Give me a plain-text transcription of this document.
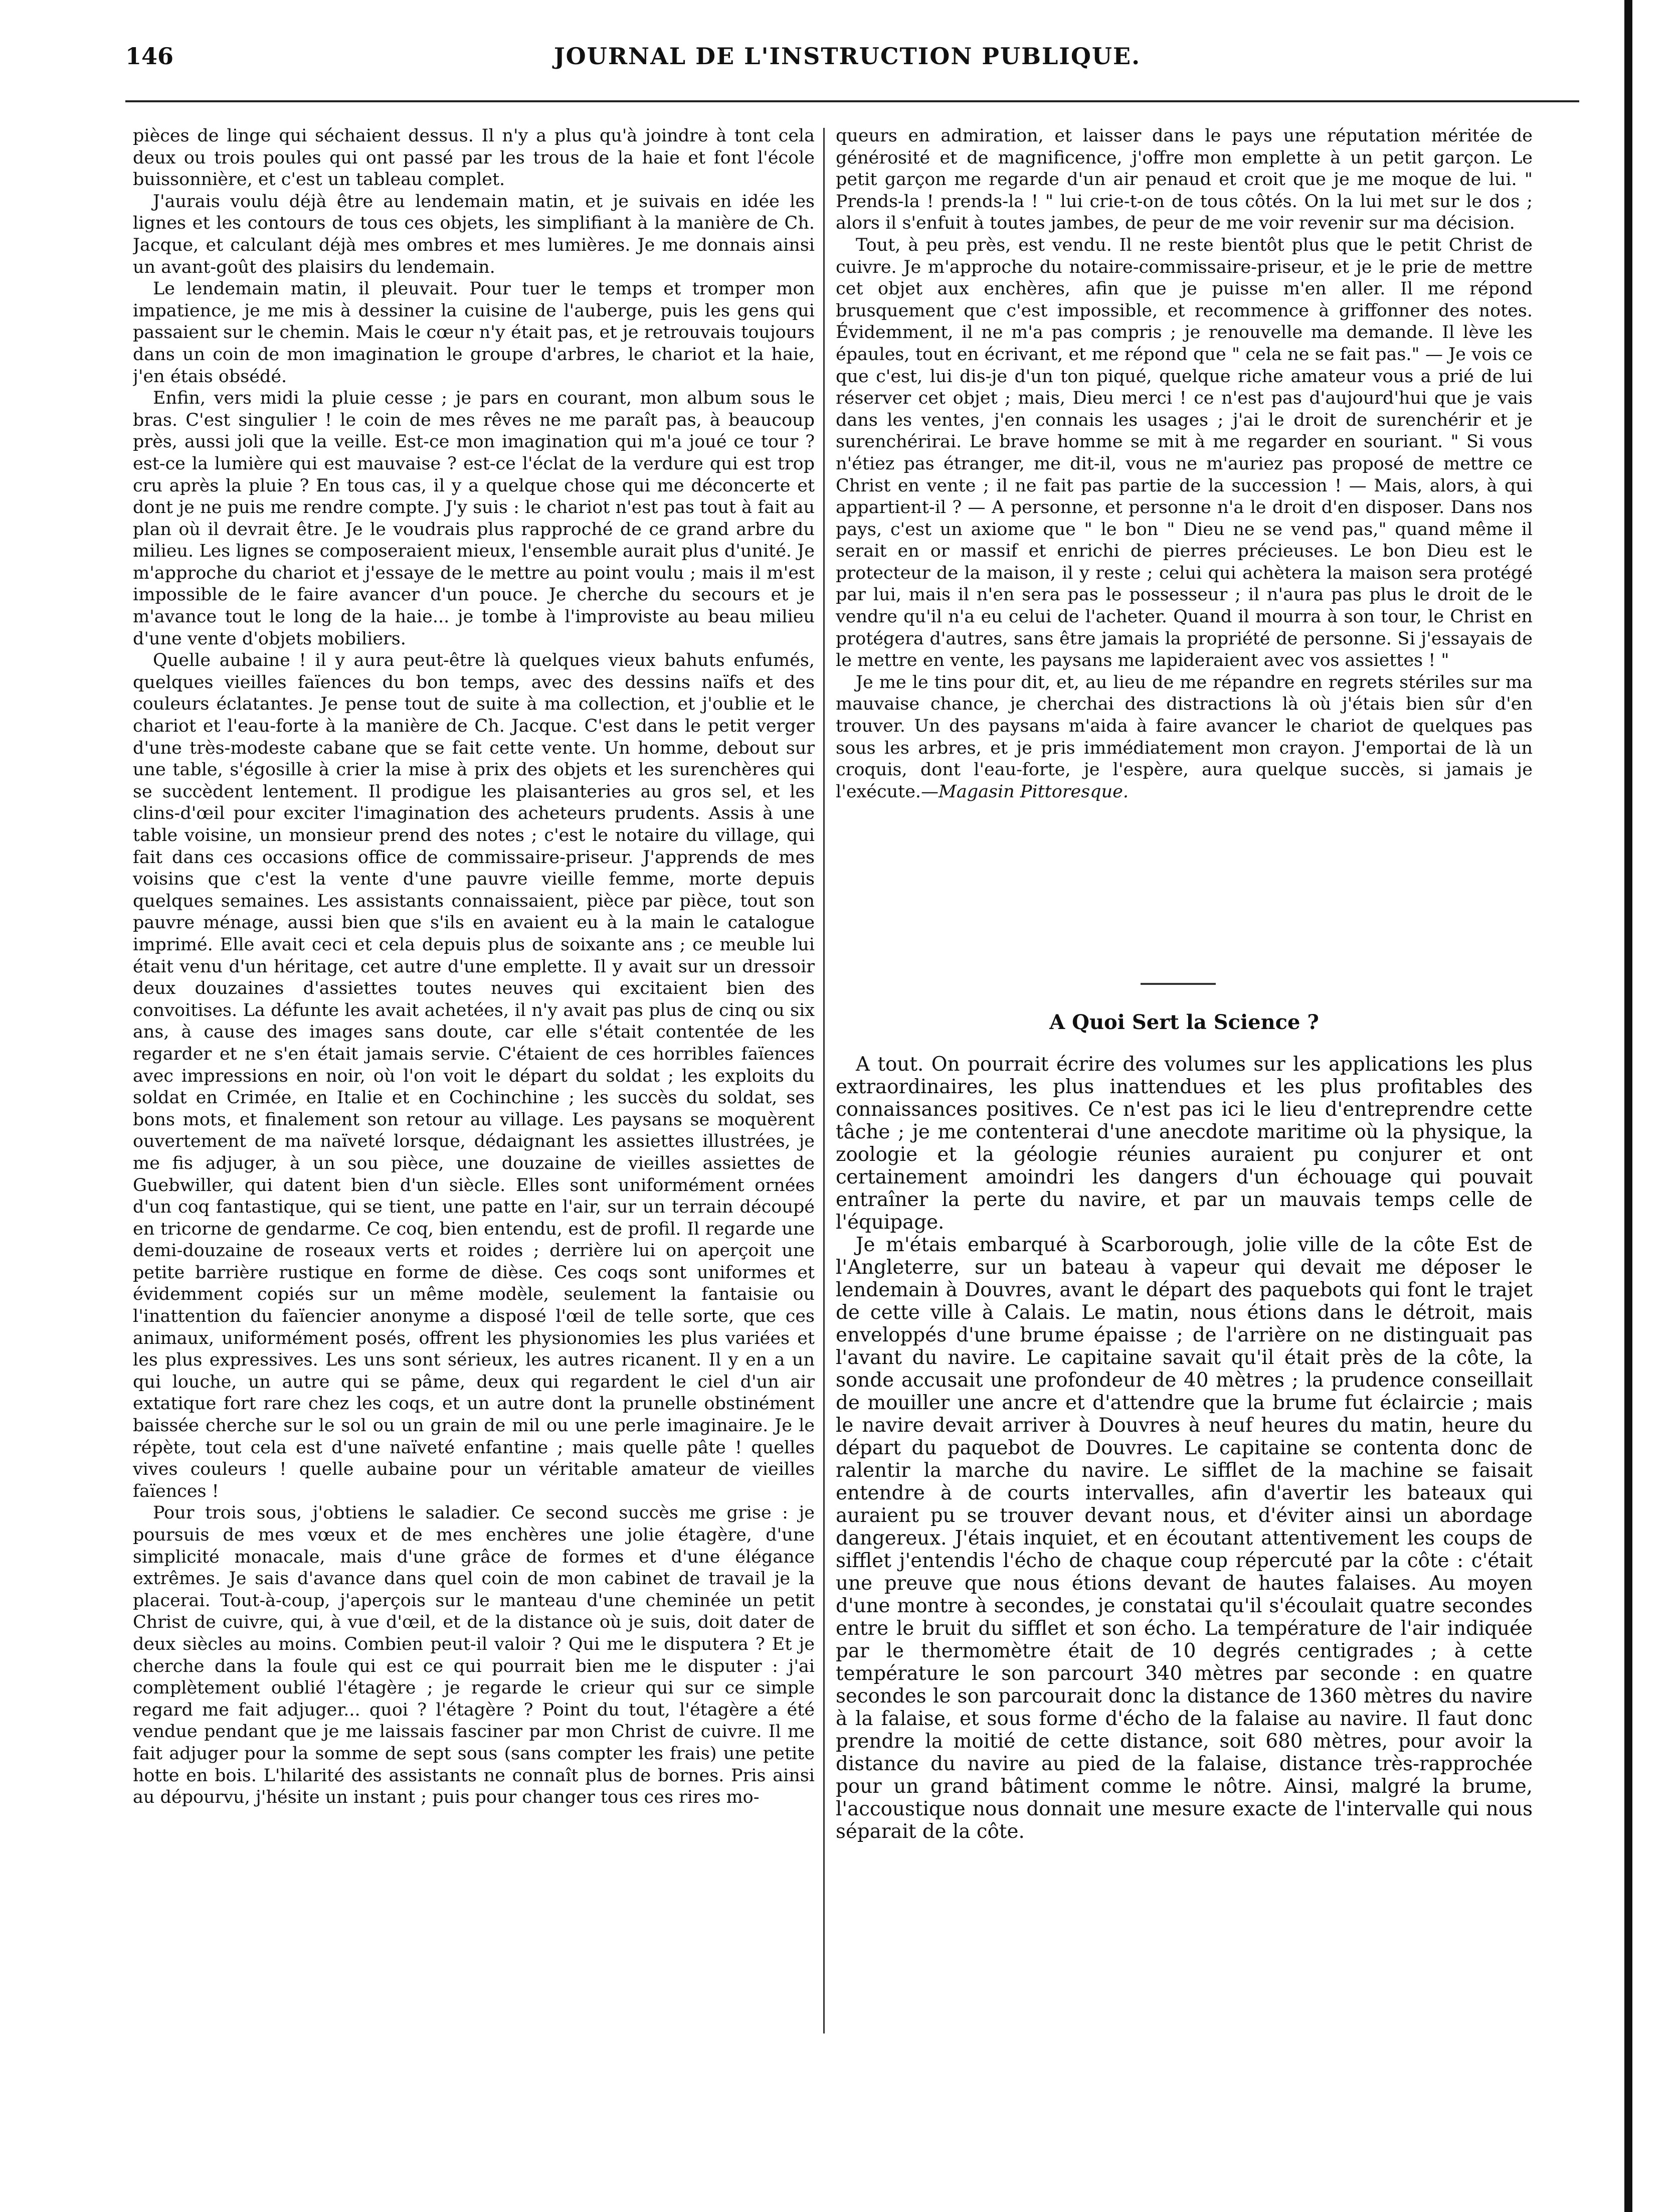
146	JOURNAL DE L'INSTRUCTION PUBLIQUE.

pièces de linge qui séchaient dessus. Il n'y a plus qu'à joindre à tont cela deux ou trois poules qui ont passé par les trous de la haie et font l'école buissonnière, et c'est un tableau complet.

J'aurais voulu déjà être au lendemain matin, et je suivais en idée les lignes et les contours de tous ces objets, les simplifiant à la manière de Ch. Jacque, et calculant déjà mes ombres et mes lumières. Je me donnais ainsi un avant-goût des plaisirs du lendemain.

Le lendemain matin, il pleuvait. Pour tuer le temps et tromper mon impatience, je me mis à dessiner la cuisine de l'auberge, puis les gens qui passaient sur le chemin. Mais le cœur n'y était pas, et je retrouvais toujours dans un coin de mon imagination le groupe d'arbres, le chariot et la haie, j'en étais obsédé.

Enfin, vers midi la pluie cesse ; je pars en courant, mon album sous le bras. C'est singulier ! le coin de mes rêves ne me paraît pas, à beaucoup près, aussi joli que la veille. Est-ce mon imagination qui m'a joué ce tour ? est-ce la lumière qui est mauvaise ? est-ce l'éclat de la verdure qui est trop cru après la pluie ? En tous cas, il y a quelque chose qui me déconcerte et dont je ne puis me rendre compte. J'y suis : le chariot n'est pas tout à fait au plan où il devrait être. Je le voudrais plus rapproché de ce grand arbre du milieu. Les lignes se composeraient mieux, l'ensemble aurait plus d'unité. Je m'approche du chariot et j'essaye de le mettre au point voulu ; mais il m'est impossible de le faire avancer d'un pouce. Je cherche du secours et je m'avance tout le long de la haie... je tombe à l'improviste au beau milieu d'une vente d'objets mobiliers.

Quelle aubaine ! il y aura peut-être là quelques vieux bahuts enfumés, quelques vieilles faïences du bon temps, avec des dessins naïfs et des couleurs éclatantes. Je pense tout de suite à ma collection, et j'oublie et le chariot et l'eau-forte à la manière de Ch. Jacque. C'est dans le petit verger d'une très-modeste cabane que se fait cette vente. Un homme, debout sur une table, s'égosille à crier la mise à prix des objets et les surenchères qui se succèdent lentement. Il prodigue les plaisanteries au gros sel, et les clins-d'œil pour exciter l'imagination des acheteurs prudents. Assis à une table voisine, un monsieur prend des notes ; c'est le notaire du village, qui fait dans ces occasions office de commissaire-priseur. J'apprends de mes voisins que c'est la vente d'une pauvre vieille femme, morte depuis quelques semaines. Les assistants connaissaient, pièce par pièce, tout son pauvre ménage, aussi bien que s'ils en avaient eu à la main le catalogue imprimé. Elle avait ceci et cela depuis plus de soixante ans ; ce meuble lui était venu d'un héritage, cet autre d'une emplette. Il y avait sur un dressoir deux douzaines d'assiettes toutes neuves qui excitaient bien des convoitises. La défunte les avait achetées, il n'y avait pas plus de cinq ou six ans, à cause des images sans doute, car elle s'était contentée de les regarder et ne s'en était jamais servie. C'étaient de ces horribles faïences avec impressions en noir, où l'on voit le départ du soldat ; les exploits du soldat en Crimée, en Italie et en Cochinchine ; les succès du soldat, ses bons mots, et finalement son retour au village. Les paysans se moquèrent ouvertement de ma naïveté lorsque, dédaignant les assiettes illustrées, je me fis adjuger, à un sou pièce, une douzaine de vieilles assiettes de Guebwiller, qui datent bien d'un siècle. Elles sont uniformément ornées d'un coq fantastique, qui se tient, une patte en l'air, sur un terrain découpé en tricorne de gendarme. Ce coq, bien entendu, est de profil. Il regarde une demi-douzaine de roseaux verts et roides ; derrière lui on aperçoit une petite barrière rustique en forme de dièse. Ces coqs sont uniformes et évidemment copiés sur un même modèle, seulement la fantaisie ou l'inattention du faïencier anonyme a disposé l'œil de telle sorte, que ces animaux, uniformément posés, offrent les physionomies les plus variées et les plus expressives. Les uns sont sérieux, les autres ricanent. Il y en a un qui louche, un autre qui se pâme, deux qui regardent le ciel d'un air extatique fort rare chez les coqs, et un autre dont la prunelle obstinément baissée cherche sur le sol ou un grain de mil ou une perle imaginaire. Je le répète, tout cela est d'une naïveté enfantine ; mais quelle pâte ! quelles vives couleurs ! quelle aubaine pour un véritable amateur de vieilles faïences !

Pour trois sous, j'obtiens le saladier. Ce second succès me grise : je poursuis de mes vœux et de mes enchères une jolie étagère, d'une simplicité monacale, mais d'une grâce de formes et d'une élégance extrêmes. Je sais d'avance dans quel coin de mon cabinet de travail je la placerai. Tout-à-coup, j'aperçois sur le manteau d'une cheminée un petit Christ de cuivre, qui, à vue d'œil, et de la distance où je suis, doit dater de deux siècles au moins. Combien peut-il valoir ? Qui me le disputera ? Et je cherche dans la foule qui est ce qui pourrait bien me le disputer : j'ai complètement oublié l'étagère ; je regarde le crieur qui sur ce simple regard me fait adjuger... quoi ? l'étagère ? Point du tout, l'étagère a été vendue pendant que je me laissais fasciner par mon Christ de cuivre. Il me fait adjuger pour la somme de sept sous (sans compter les frais) une petite hotte en bois. L'hilarité des assistants ne connaît plus de bornes. Pris ainsi au dépourvu, j'hésite un instant ; puis pour changer tous ces rires mo-

queurs en admiration, et laisser dans le pays une réputation méritée de générosité et de magnificence, j'offre mon emplette à un petit garçon. Le petit garçon me regarde d'un air penaud et croit que je me moque de lui. " Prends-la ! prends-la ! " lui crie-t-on de tous côtés. On la lui met sur le dos ; alors il s'enfuit à toutes jambes, de peur de me voir revenir sur ma décision.

Tout, à peu près, est vendu. Il ne reste bientôt plus que le petit Christ de cuivre. Je m'approche du notaire-commissaire-priseur, et je le prie de mettre cet objet aux enchères, afin que je puisse m'en aller. Il me répond brusquement que c'est impossible, et recommence à griffonner des notes. Évidemment, il ne m'a pas compris ; je renouvelle ma demande. Il lève les épaules, tout en écrivant, et me répond que " cela ne se fait pas." — Je vois ce que c'est, lui dis-je d'un ton piqué, quelque riche amateur vous a prié de lui réserver cet objet ; mais, Dieu merci ! ce n'est pas d'aujourd'hui que je vais dans les ventes, j'en connais les usages ; j'ai le droit de surenchérir et je surenchérirai. Le brave homme se mit à me regarder en souriant. " Si vous n'étiez pas étranger, me dit-il, vous ne m'auriez pas proposé de mettre ce Christ en vente ; il ne fait pas partie de la succession ! — Mais, alors, à qui appartient-il ? — A personne, et personne n'a le droit d'en disposer. Dans nos pays, c'est un axiome que " le bon " Dieu ne se vend pas," quand même il serait en or massif et enrichi de pierres précieuses. Le bon Dieu est le protecteur de la maison, il y reste ; celui qui achètera la maison sera protégé par lui, mais il n'en sera pas le possesseur ; il n'aura pas plus le droit de le vendre qu'il n'a eu celui de l'acheter. Quand il mourra à son tour, le Christ en protégera d'autres, sans être jamais la propriété de personne. Si j'essayais de le mettre en vente, les paysans me lapideraient avec vos assiettes ! "

Je me le tins pour dit, et, au lieu de me répandre en regrets stériles sur ma mauvaise chance, je cherchai des distractions là où j'étais bien sûr d'en trouver. Un des paysans m'aida à faire avancer le chariot de quelques pas sous les arbres, et je pris immédiatement mon crayon. J'emportai de là un croquis, dont l'eau-forte, je l'espère, aura quelque succès, si jamais je l'exécute.—Magasin Pittoresque.

A Quoi Sert la Science ?

A tout. On pourrait écrire des volumes sur les applications les plus extraordinaires, les plus inattendues et les plus profitables des connaissances positives. Ce n'est pas ici le lieu d'entreprendre cette tâche ; je me contenterai d'une anecdote maritime où la physique, la zoologie et la géologie réunies auraient pu conjurer et ont certainement amoindri les dangers d'un échouage qui pouvait entraîner la perte du navire, et par un mauvais temps celle de l'équipage.

Je m'étais embarqué à Scarborough, jolie ville de la côte Est de l'Angleterre, sur un bateau à vapeur qui devait me déposer le lendemain à Douvres, avant le départ des paquebots qui font le trajet de cette ville à Calais. Le matin, nous étions dans le détroit, mais enveloppés d'une brume épaisse ; de l'arrière on ne distinguait pas l'avant du navire. Le capitaine savait qu'il était près de la côte, la sonde accusait une profondeur de 40 mètres ; la prudence conseillait de mouiller une ancre et d'attendre que la brume fut éclaircie ; mais le navire devait arriver à Douvres à neuf heures du matin, heure du départ du paquebot de Douvres. Le capitaine se contenta donc de ralentir la marche du navire. Le sifflet de la machine se faisait entendre à de courts intervalles, afin d'avertir les bateaux qui auraient pu se trouver devant nous, et d'éviter ainsi un abordage dangereux. J'étais inquiet, et en écoutant attentivement les coups de sifflet j'entendis l'écho de chaque coup répercuté par la côte : c'était une preuve que nous étions devant de hautes falaises. Au moyen d'une montre à secondes, je constatai qu'il s'écoulait quatre secondes entre le bruit du sifflet et son écho. La température de l'air indiquée par le thermomètre était de 10 degrés centigrades ; à cette température le son parcourt 340 mètres par seconde : en quatre secondes le son parcourait donc la distance de 1360 mètres du navire à la falaise, et sous forme d'écho de la falaise au navire. Il faut donc prendre la moitié de cette distance, soit 680 mètres, pour avoir la distance du navire au pied de la falaise, distance très-rapprochée pour un grand bâtiment comme le nôtre. Ainsi, malgré la brume, l'accoustique nous donnait une mesure exacte de l'intervalle qui nous séparait de la côte.
